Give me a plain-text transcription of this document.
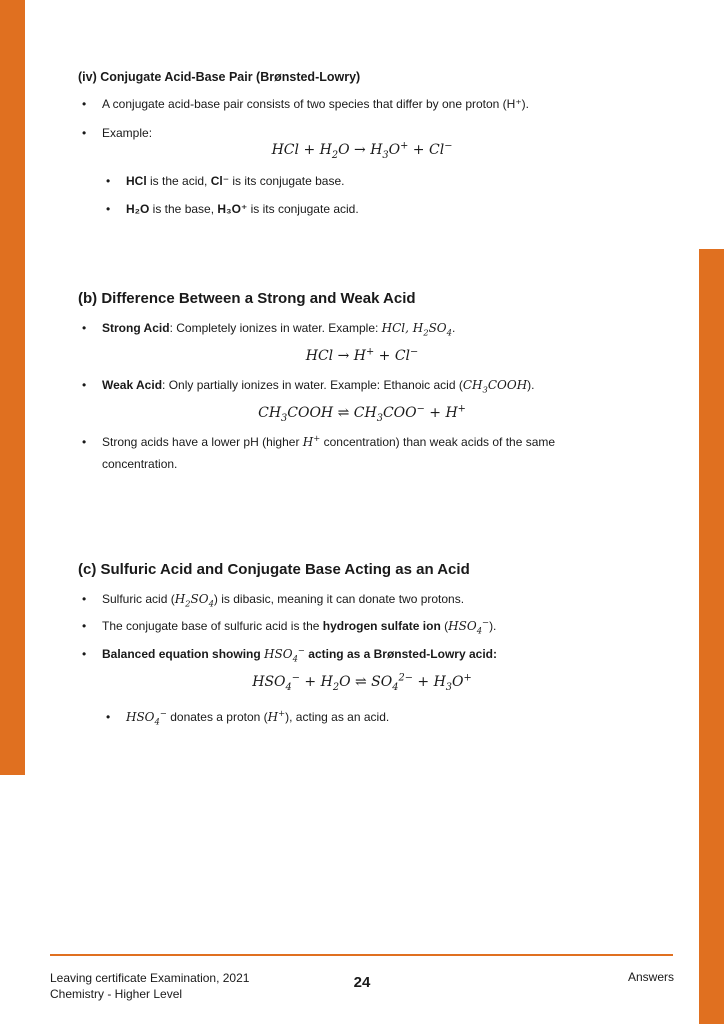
(iv) Conjugate Acid-Base Pair (Brønsted-Lowry)
• A conjugate acid-base pair consists of two species that differ by one proton (H⁺).
• Example:
HCl + $H_2O \to H_3O^+ + Cl^-$
• HCl is the acid, Cl⁻ is its conjugate base.
• H₂O is the base, H₃O⁺ is its conjugate acid.
(b) Difference Between a Strong and Weak Acid
• Strong Acid: Completely ionizes in water. Example: HCl, $H_2SO_4$.
HCl → H+ + Cl−
• Weak Acid: Only partially ionizes in water. Example: Ethanoic acid $(CH_3COOH)$.
$CH_3COOH$ ⇌ $CH_3COO^- + H^+$
• Strong acids have a lower pH (higher H+ concentration) than weak acids of the same
concentration.
(c) Sulfuric Acid and Conjugate Base Acting as an Acid
• Sulfuric acid $(H_2SO_4)$ is dibasic, meaning it can donate two protons.
• The conjugate base of sulfuric acid is the hydrogen sulfate ion $(HSO_4^-)$.
• Balanced equation showing $HSO_4^-$ acting as a Brønsted-Lowry acid:
$HSO_4^- + H_2O$ ⇌ $SO_4^{2-} + H_3O^+$
• $HSO_4^-$ donates a proton (H+), acting as an acid.
Leaving certificate Examination, 2021
Chemistry - Higher Level
24	Answers
